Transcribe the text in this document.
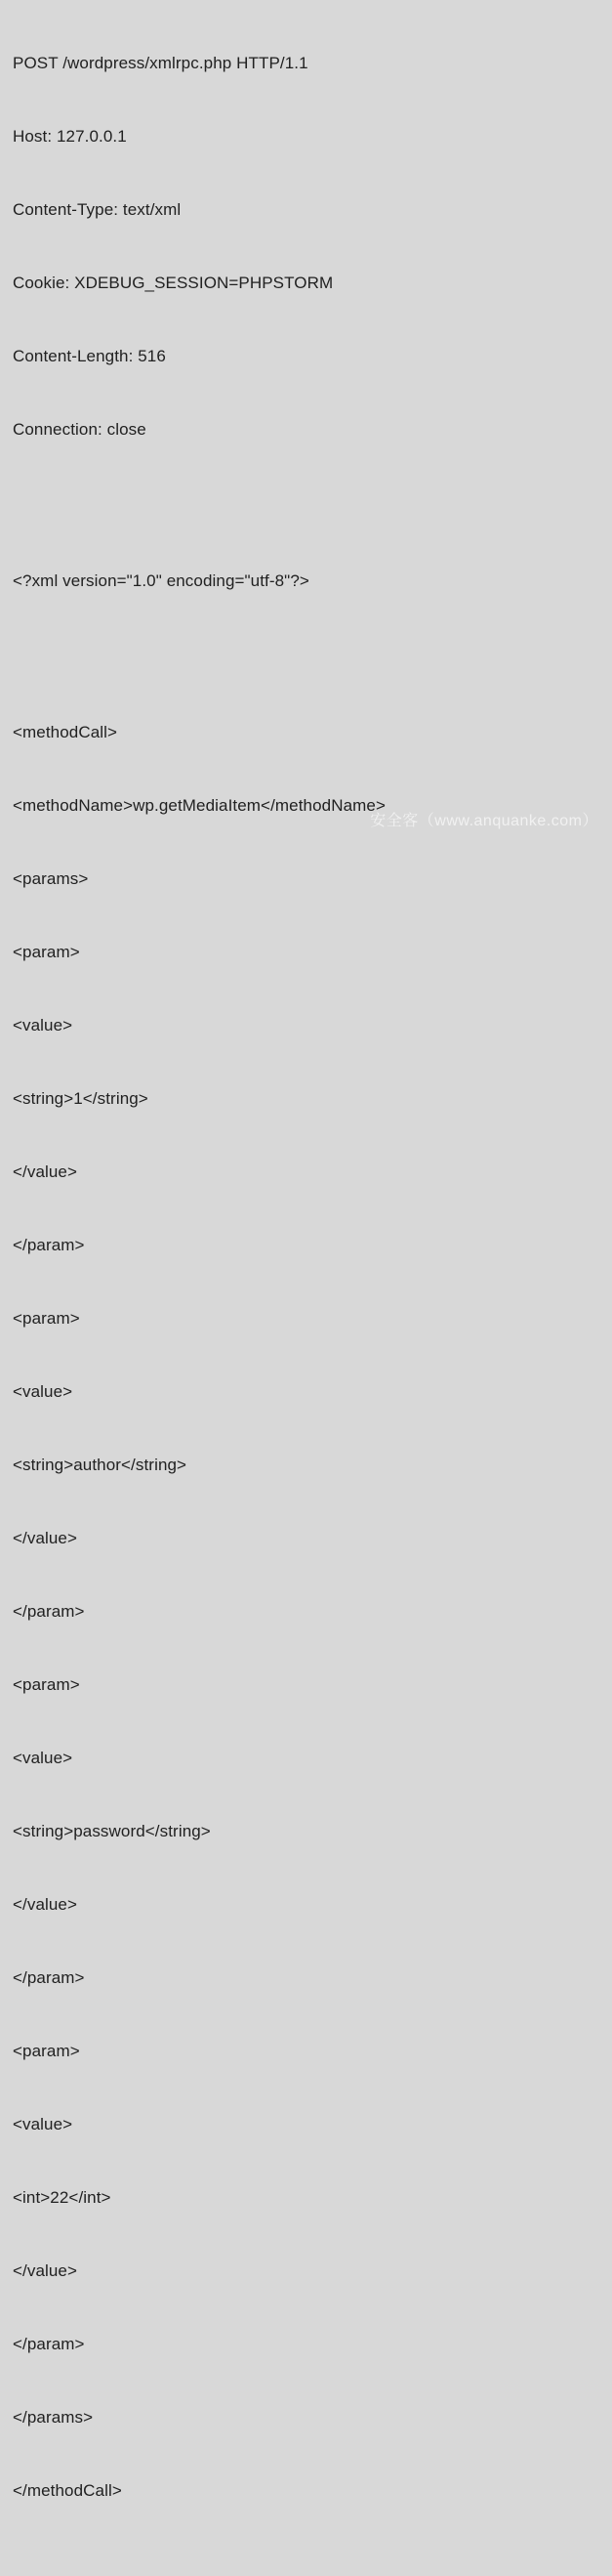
POST /wordpress/xmlrpc.php HTTP/1.1

Host: 127.0.0.1

Content-Type: text/xml

Cookie: XDEBUG_SESSION=PHPSTORM

Content-Length: 516

Connection: close

<?xml version="1.0" encoding="utf-8"?>

<methodCall>

<methodName>wp.getMediaItem</methodName>

<params>

<param>

<value>

<string>1</string>

</value>

</param>

<param>

<value>

<string>author</string>

</value>

</param>

<param>

<value>

<string>password</string>

</value>

</param>

<param>

<value>

<int>22</int>

</value>

</param>

</params>

</methodCall>

安全客（www.anquanke.com）
